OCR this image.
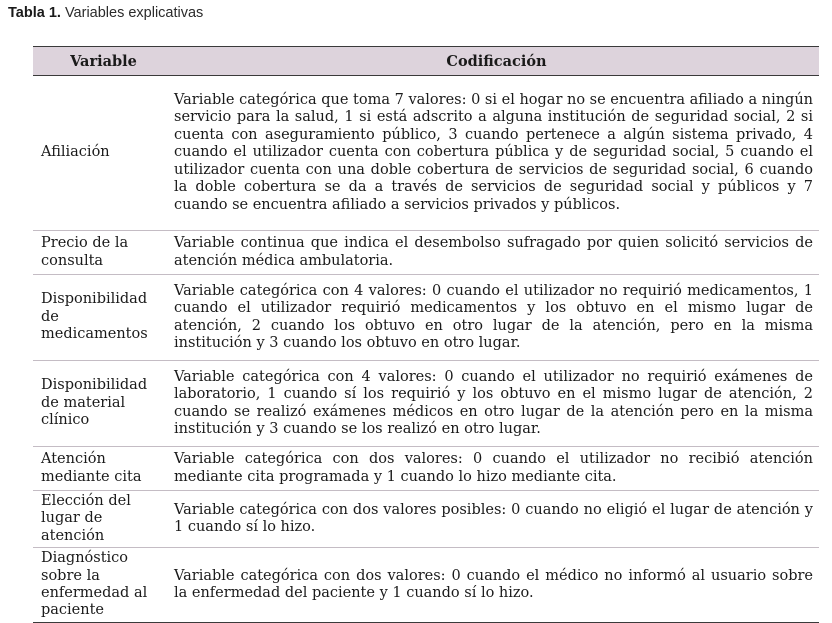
Tabla 1. Variables explicativas
Variable	Codificación
Afiliación	Variable categórica que toma 7 valores: 0 si el hogar no se encuentra afiliado a ningún servicio para la salud, 1 si está adscrito a alguna institución de seguridad social, 2 si cuenta con aseguramiento público, 3 cuando pertenece a algún sistema privado, 4 cuando el utilizador cuenta con cobertura pública y de seguridad social, 5 cuando el utilizador cuenta con una doble cobertura de servicios de seguridad social, 6 cuando la doble cobertura se da a través de servicios de seguridad social y públicos y 7 cuando se encuentra afiliado a servicios privados y públicos.
Precio de la consulta	Variable continua que indica el desembolso sufragado por quien solicitó servicios de atención médica ambulatoria.
Disponibilidad de medicamentos	Variable categórica con 4 valores: 0 cuando el utilizador no requirió medicamentos, 1 cuando el utilizador requirió medicamentos y los obtuvo en el mismo lugar de atención, 2 cuando los obtuvo en otro lugar de la atención, pero en la misma institución y 3 cuando los obtuvo en otro lugar.
Disponibilidad de material clínico	Variable categórica con 4 valores: 0 cuando el utilizador no requirió exámenes de laboratorio, 1 cuando sí los requirió y los obtuvo en el mismo lugar de atención, 2 cuando se realizó exámenes médicos en otro lugar de la atención pero en la misma institución y 3 cuando se los realizó en otro lugar.
Atención mediante cita	Variable categórica con dos valores: 0 cuando el utilizador no recibió atención mediante cita programada y 1 cuando lo hizo mediante cita.
Elección del lugar de atención	Variable categórica con dos valores posibles: 0 cuando no eligió el lugar de atención y 1 cuando sí lo hizo.
Diagnóstico sobre la enfermedad al paciente	Variable categórica con dos valores: 0 cuando el médico no informó al usuario sobre la enfermedad del paciente y 1 cuando sí lo hizo.
